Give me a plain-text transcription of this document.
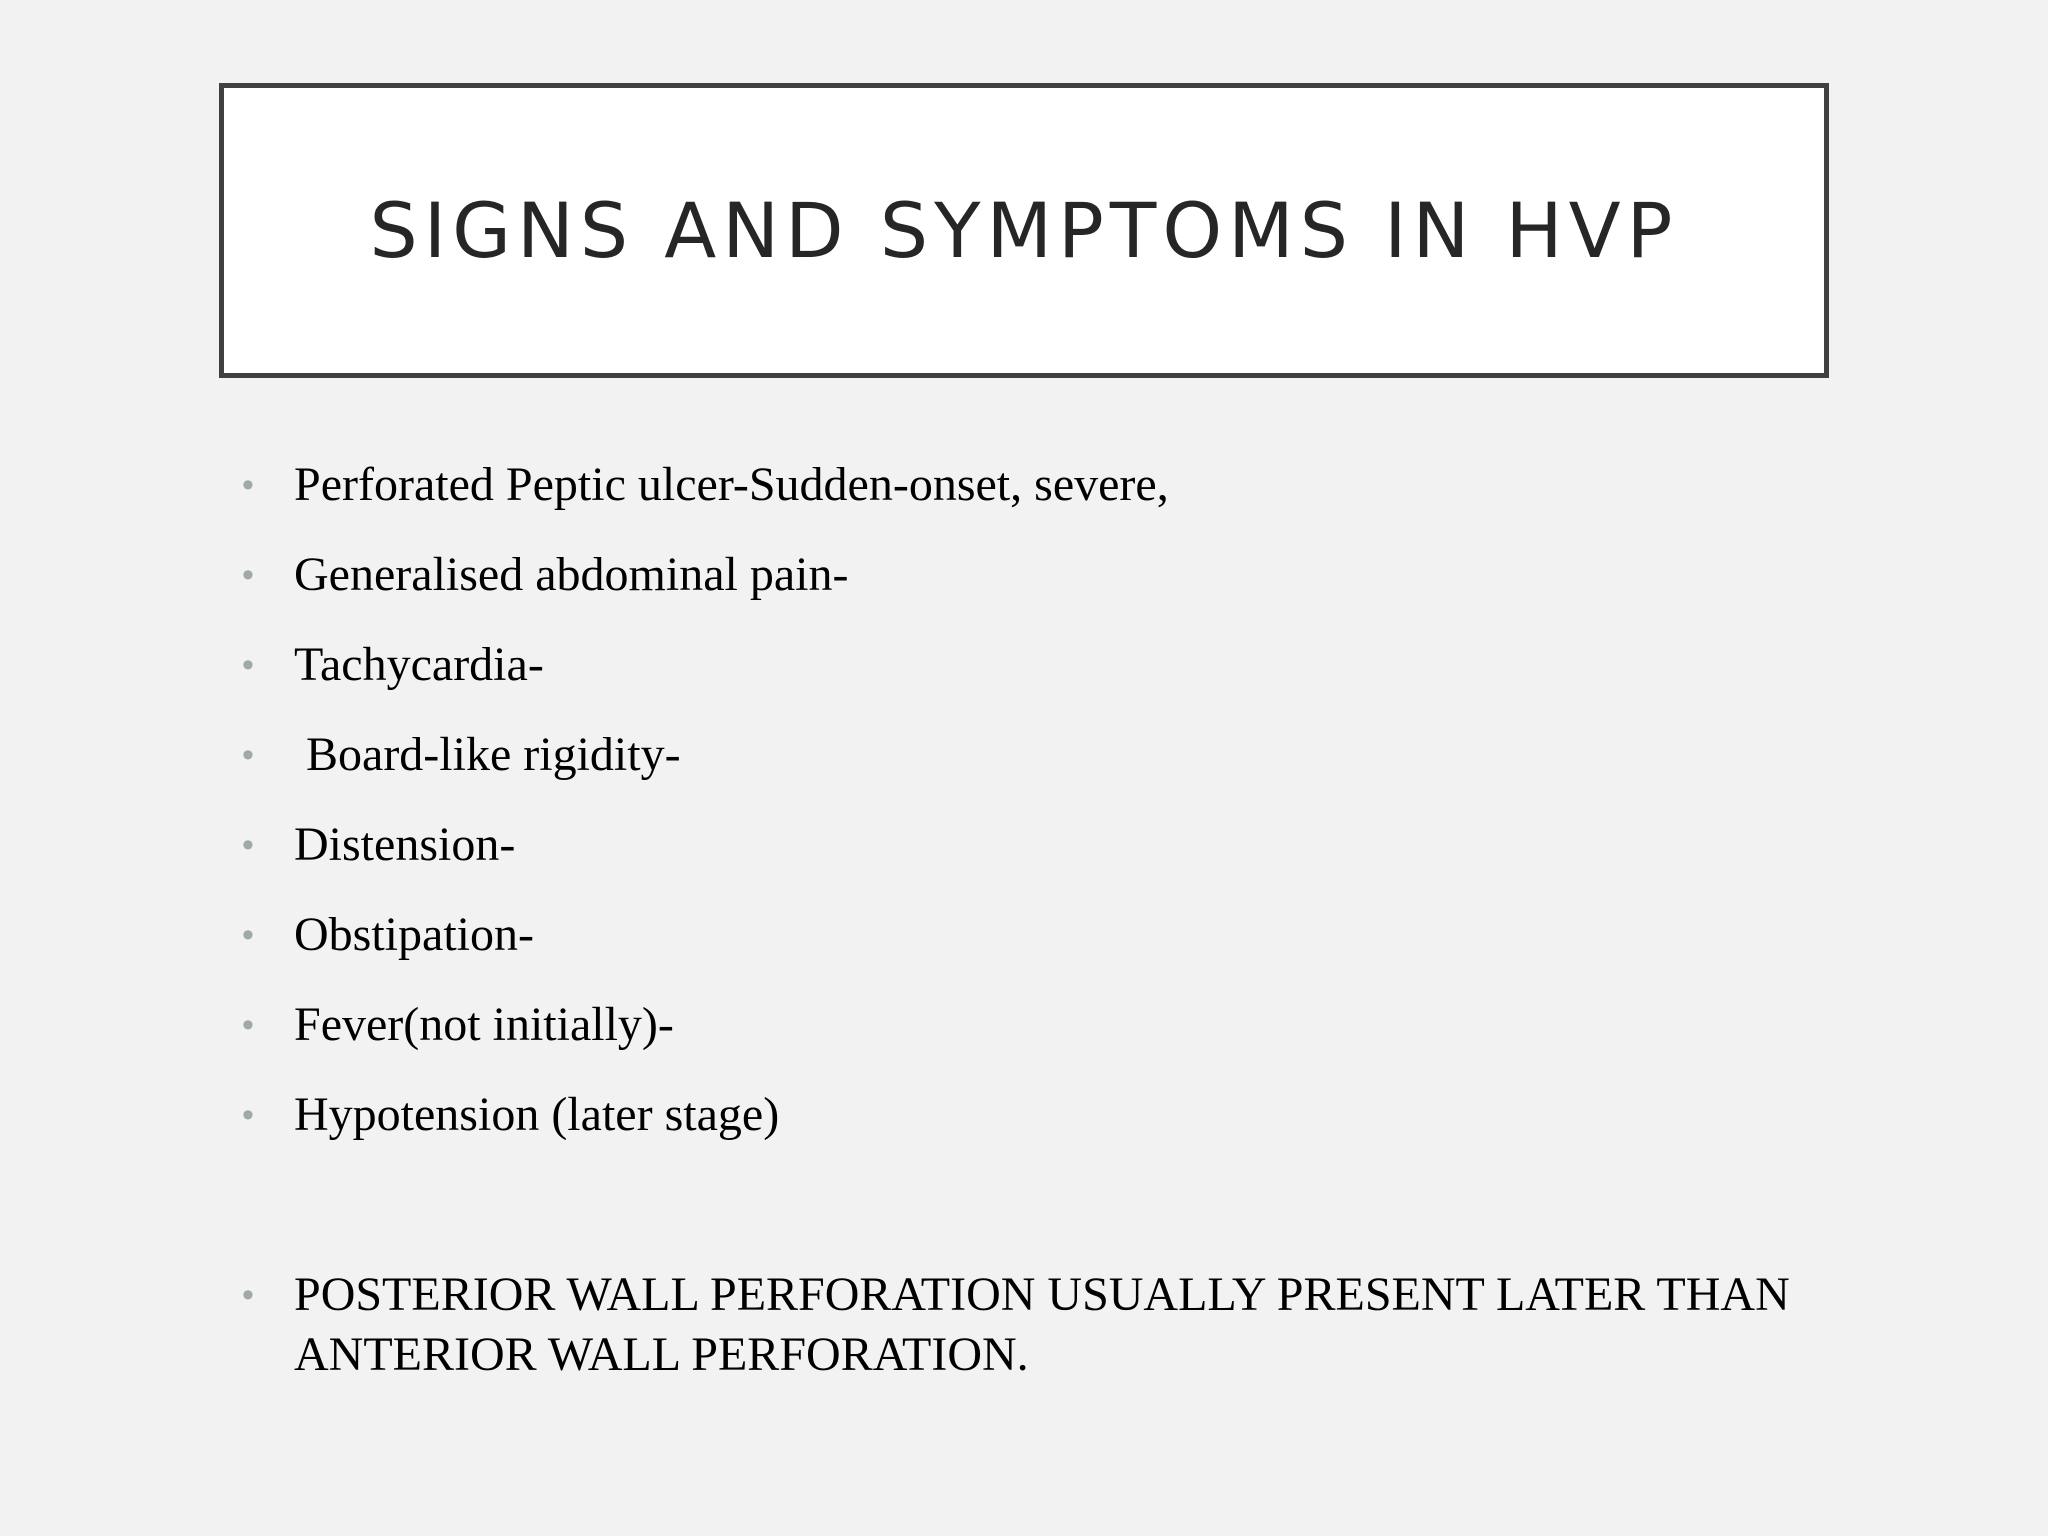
SIGNS AND SYMPTOMS IN HVP
• Perforated Peptic ulcer-Sudden-onset, severe,
• Generalised abdominal pain-
• Tachycardia-
• Board-like rigidity-
• Distension-
• Obstipation-
• Fever(not initially)-
• Hypotension (later stage)
• POSTERIOR WALL PERFORATION USUALLY PRESENT LATER THAN ANTERIOR WALL PERFORATION.
